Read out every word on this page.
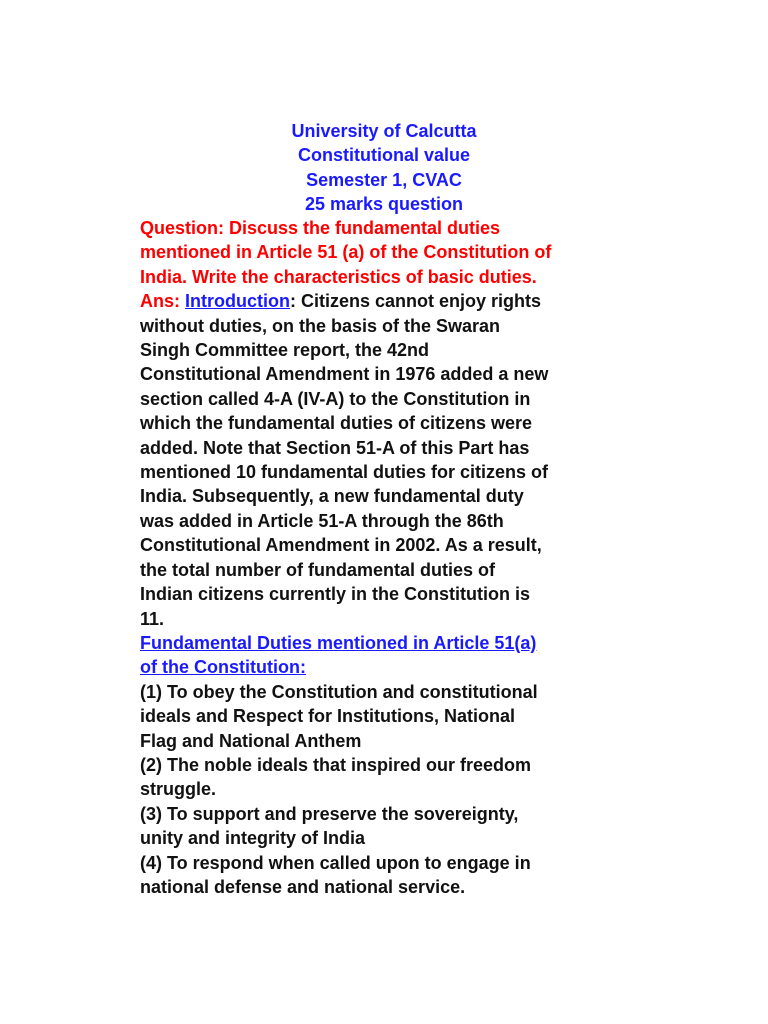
University of Calcutta
Constitutional value
Semester 1, CVAC
25 marks question
Question: Discuss the fundamental duties
mentioned in Article 51 (a) of the Constitution of
India. Write the characteristics of basic duties.
Ans: Introduction: Citizens cannot enjoy rights
without duties, on the basis of the Swaran
Singh Committee report, the 42nd
Constitutional Amendment in 1976 added a new
section called 4-A (IV-A) to the Constitution in
which the fundamental duties of citizens were
added. Note that Section 51-A of this Part has
mentioned 10 fundamental duties for citizens of
India. Subsequently, a new fundamental duty
was added in Article 51-A through the 86th
Constitutional Amendment in 2002. As a result,
the total number of fundamental duties of
Indian citizens currently in the Constitution is
11.
Fundamental Duties mentioned in Article 51(a)
of the Constitution:
(1) To obey the Constitution and constitutional
ideals and Respect for Institutions, National
Flag and National Anthem
(2) The noble ideals that inspired our freedom
struggle.
(3) To support and preserve the sovereignty,
unity and integrity of India
(4) To respond when called upon to engage in
national defense and national service.
